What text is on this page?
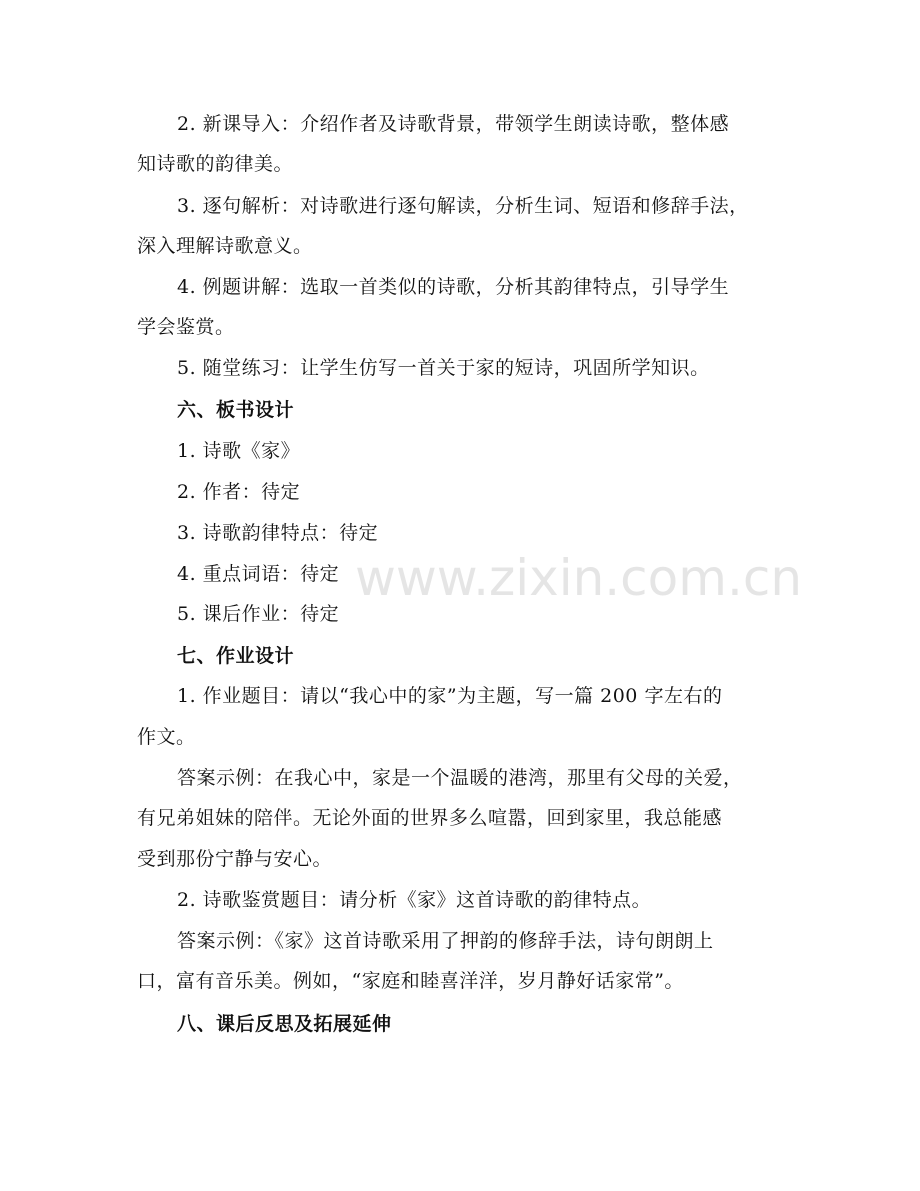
2. 新课导入：介绍作者及诗歌背景，带领学生朗读诗歌，整体感
知诗歌的韵律美。
3. 逐句解析：对诗歌进行逐句解读，分析生词、短语和修辞手法，
深入理解诗歌意义。
4. 例题讲解：选取一首类似的诗歌，分析其韵律特点，引导学生
学会鉴赏。
5. 随堂练习：让学生仿写一首关于家的短诗，巩固所学知识。
六、板书设计
1. 诗歌《家》
2. 作者：待定
3. 诗歌韵律特点：待定
4. 重点词语：待定
5. 课后作业：待定
七、作业设计
1. 作业题目：请以“我心中的家”为主题，写一篇 200 字左右的
作文。
答案示例：在我心中，家是一个温暖的港湾，那里有父母的关爱，
有兄弟姐妹的陪伴。无论外面的世界多么喧嚣，回到家里，我总能感
受到那份宁静与安心。
2. 诗歌鉴赏题目：请分析《家》这首诗歌的韵律特点。
答案示例：《家》这首诗歌采用了押韵的修辞手法，诗句朗朗上
口，富有音乐美。例如，“家庭和睦喜洋洋，岁月静好话家常”。
八、课后反思及拓展延伸
www.zixin.com.cn
